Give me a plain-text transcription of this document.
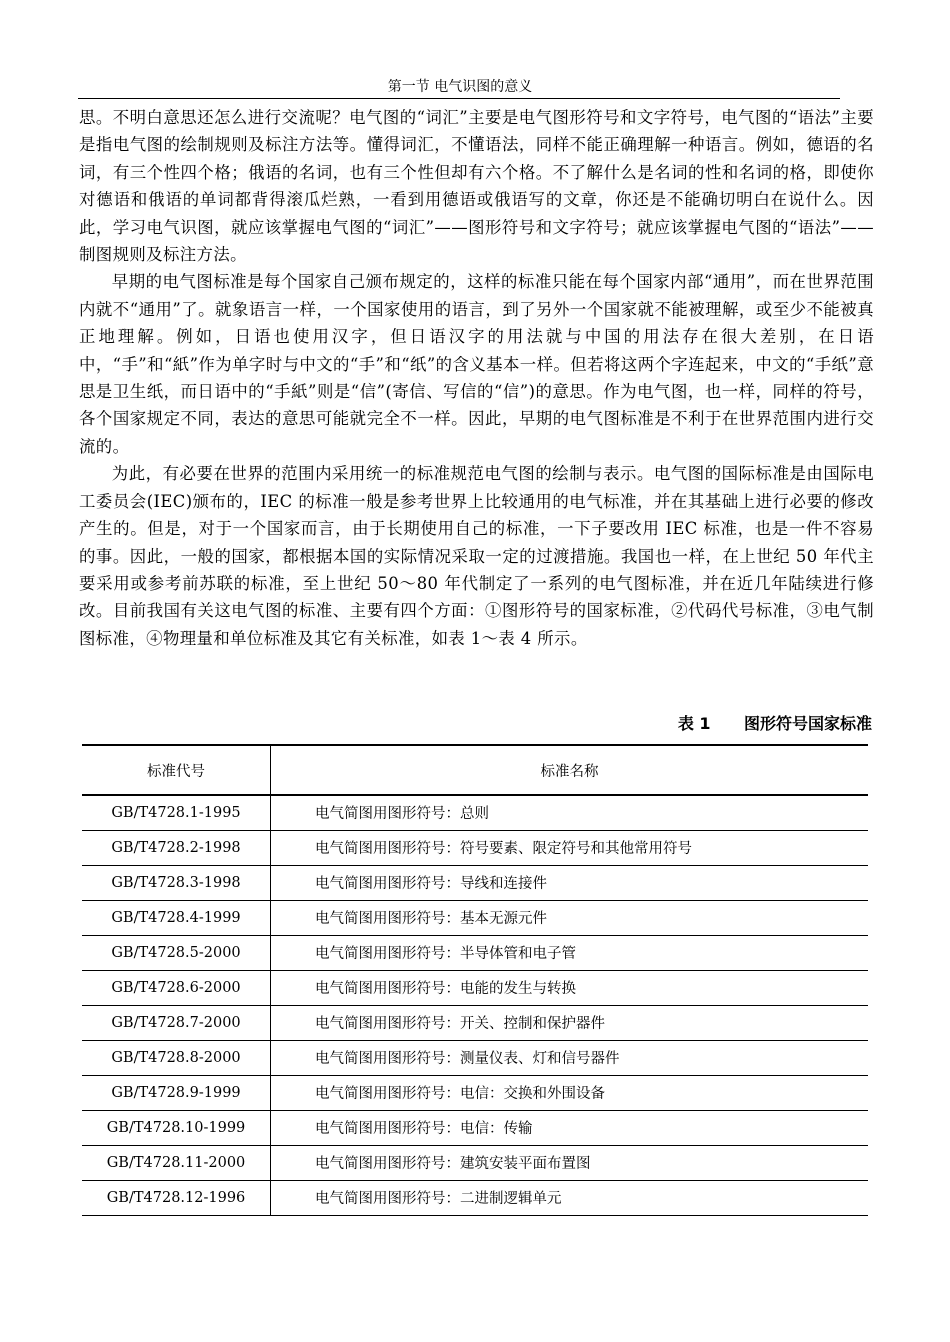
第一节 电气识图的意义

思。不明白意思还怎么进行交流呢？电气图的“词汇”主要是电气图形符号和文字符号，电气图的“语法”主要是指电气图的绘制规则及标注方法等。懂得词汇，不懂语法，同样不能正确理解一种语言。例如，德语的名词，有三个性四个格；俄语的名词，也有三个性但却有六个格。不了解什么是名词的性和名词的格，即使你对德语和俄语的单词都背得滚瓜烂熟，一看到用德语或俄语写的文章，你还是不能确切明白在说什么。因此，学习电气识图，就应该掌握电气图的“词汇”——图形符号和文字符号；就应该掌握电气图的“语法”——制图规则及标注方法。

早期的电气图标准是每个国家自己颁布规定的，这样的标准只能在每个国家内部“通用”，而在世界范围内就不“通用”了。就象语言一样，一个国家使用的语言，到了另外一个国家就不能被理解，或至少不能被真正地理解。例如，日语也使用汉字，但日语汉字的用法就与中国的用法存在很大差别，在日语中，“手”和“紙”作为单字时与中文的“手”和“纸”的含义基本一样。但若将这两个字连起来，中文的“手纸”意思是卫生纸，而日语中的“手紙”则是“信”(寄信、写信的“信”)的意思。作为电气图，也一样，同样的符号，各个国家规定不同，表达的意思可能就完全不一样。因此，早期的电气图标准是不利于在世界范围内进行交流的。

为此，有必要在世界的范围内采用统一的标准规范电气图的绘制与表示。电气图的国际标准是由国际电工委员会(IEC)颁布的，IEC 的标准一般是参考世界上比较通用的电气标准，并在其基础上进行必要的修改产生的。但是，对于一个国家而言，由于长期使用自己的标准，一下子要改用 IEC 标准，也是一件不容易的事。因此，一般的国家，都根据本国的实际情况采取一定的过渡措施。我国也一样，在上世纪 50 年代主要采用或参考前苏联的标准，至上世纪 50～80 年代制定了一系列的电气图标准，并在近几年陆续进行修改。目前我国有关这电气图的标准、主要有四个方面：①图形符号的国家标准，②代码代号标准，③电气制图标准，④物理量和单位标准及其它有关标准，如表 1～表 4 所示。

表 1 图形符号国家标准
标准代号	标准名称
GB/T4728.1-1995	电气简图用图形符号：总则
GB/T4728.2-1998	电气简图用图形符号：符号要素、限定符号和其他常用符号
GB/T4728.3-1998	电气简图用图形符号：导线和连接件
GB/T4728.4-1999	电气简图用图形符号：基本无源元件
GB/T4728.5-2000	电气简图用图形符号：半导体管和电子管
GB/T4728.6-2000	电气简图用图形符号：电能的发生与转换
GB/T4728.7-2000	电气简图用图形符号：开关、控制和保护器件
GB/T4728.8-2000	电气简图用图形符号：测量仪表、灯和信号器件
GB/T4728.9-1999	电气简图用图形符号：电信：交换和外围设备
GB/T4728.10-1999	电气简图用图形符号：电信：传输
GB/T4728.11-2000	电气简图用图形符号：建筑安装平面布置图
GB/T4728.12-1996	电气简图用图形符号：二进制逻辑单元
